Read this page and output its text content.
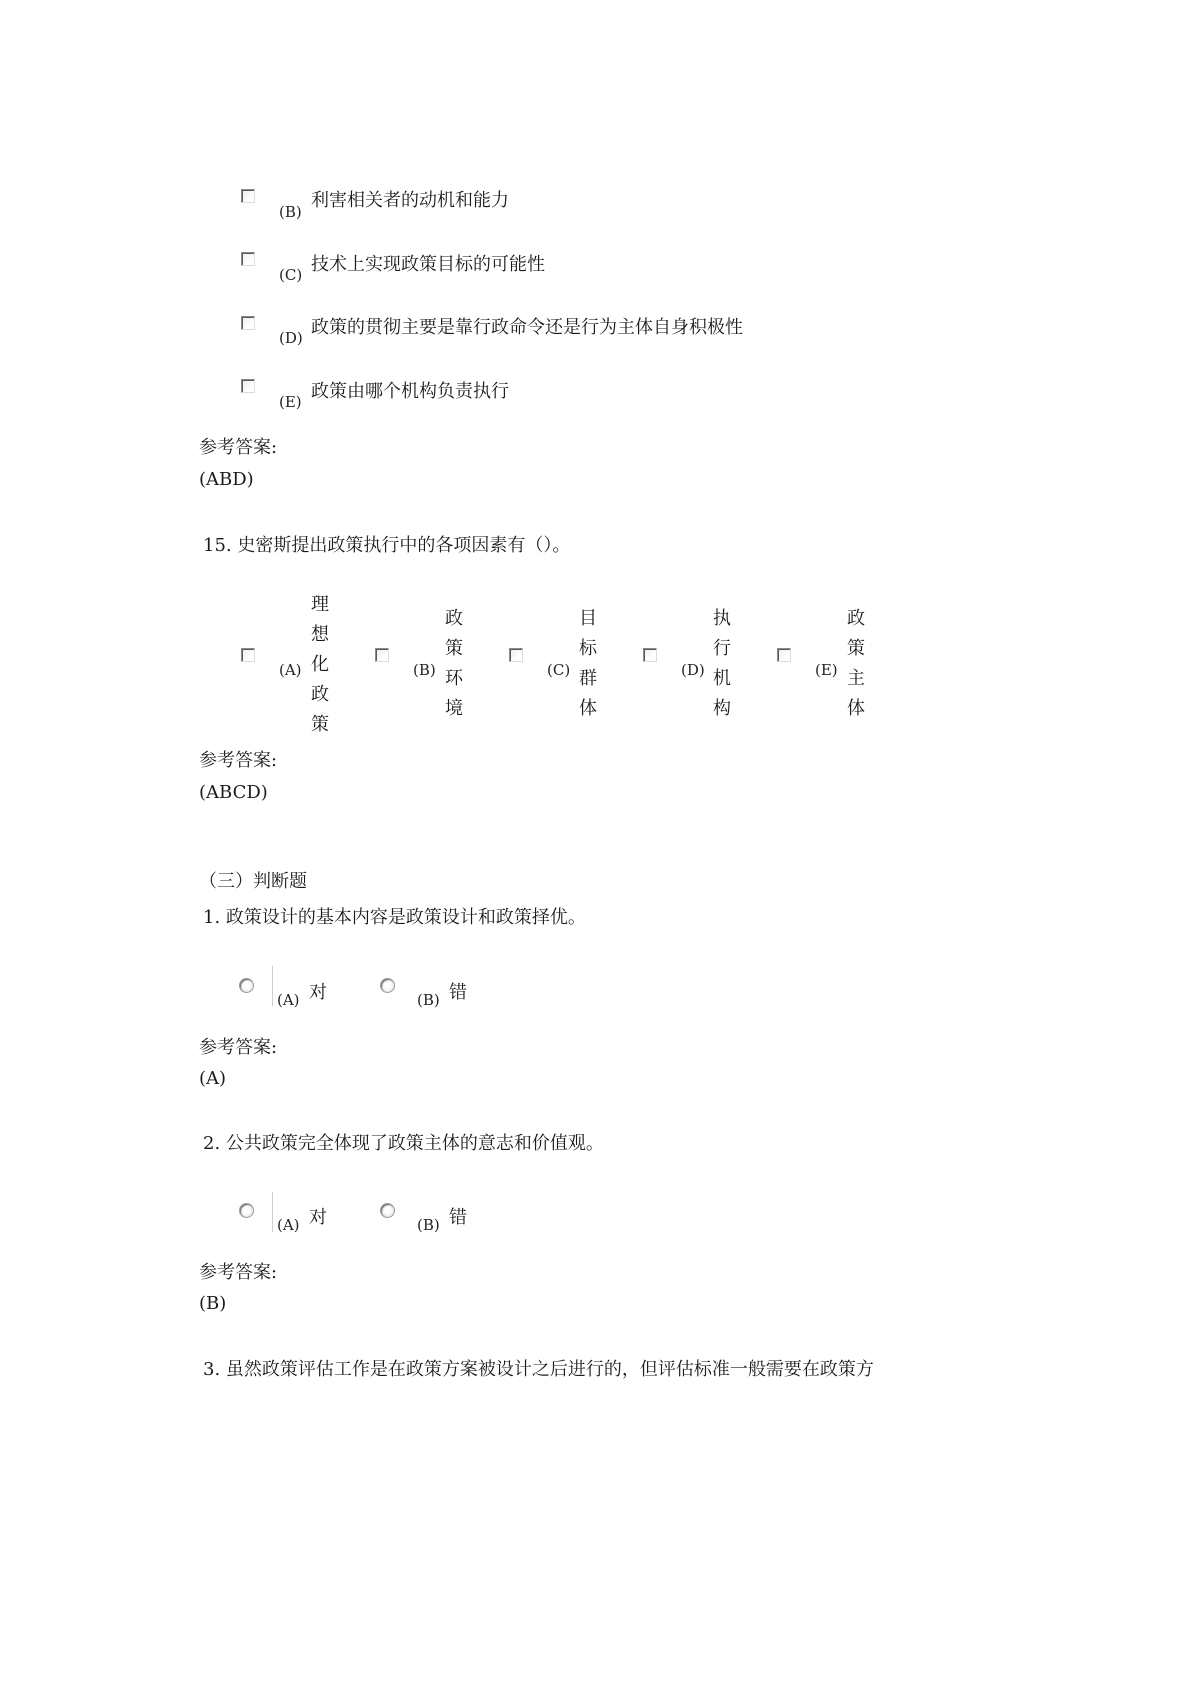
(B)
利害相关者的动机和能力
(C) 技术上实现政策目标的可能性
(D) 政策的贯彻主要是靠行政命令还是行为主体自身积极性
(E) 政策由哪个机构负责执行
参考答案:
(ABD)
15. 史密斯提出政策执行中的各项因素有（）。
(A)
理
想
化
政
策
(B)
政
策
环
境
(C)
目
标
群
体
(D)
执
行
机
构
(E)
政
策
主
体
参考答案:
(ABCD)
（三）判断题
1. 政策设计的基本内容是政策设计和政策择优。
(A) 对	(B) 错
参考答案:
(A)
2. 公共政策完全体现了政策主体的意志和价值观。
(A) 对	(B) 错
参考答案:
(B)
3. 虽然政策评估工作是在政策方案被设计之后进行的，但评估标准一般需要在政策方
